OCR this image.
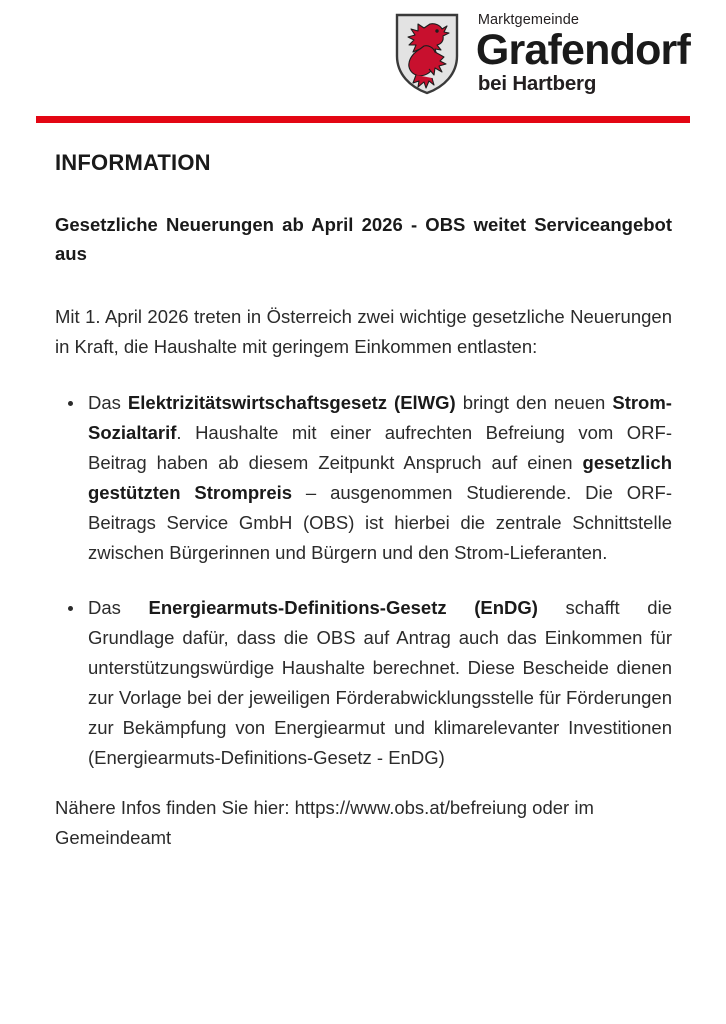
Marktgemeinde
Grafendorf
bei Hartberg
INFORMATION

Gesetzliche Neuerungen ab April 2026 - OBS weitet Serviceangebot aus

Mit 1. April 2026 treten in Österreich zwei wichtige gesetzliche Neuerungen in Kraft, die Haushalte mit geringem Einkommen entlasten:

Das Elektrizitätswirtschaftsgesetz (ElWG) bringt den neuen Strom-Sozialtarif. Haushalte mit einer aufrechten Befreiung vom ORF-Beitrag haben ab diesem Zeitpunkt Anspruch auf einen gesetzlich gestützten Strompreis – ausgenommen Studierende. Die ORF-Beitrags Service GmbH (OBS) ist hierbei die zentrale Schnittstelle zwischen Bürgerinnen und Bürgern und den Strom-Lieferanten.
Das Energiearmuts-Definitions-Gesetz (EnDG) schafft die Grundlage dafür, dass die OBS auf Antrag auch das Einkommen für unterstützungswürdige Haushalte berechnet. Diese Bescheide dienen zur Vorlage bei der jeweiligen Förderabwicklungsstelle für Förderungen zur Bekämpfung von Energiearmut und klimarelevanter Investitionen (Energiearmuts-Definitions-Gesetz - EnDG)

Nähere Infos finden Sie hier: https://www.obs.at/befreiung oder im Gemeindeamt
